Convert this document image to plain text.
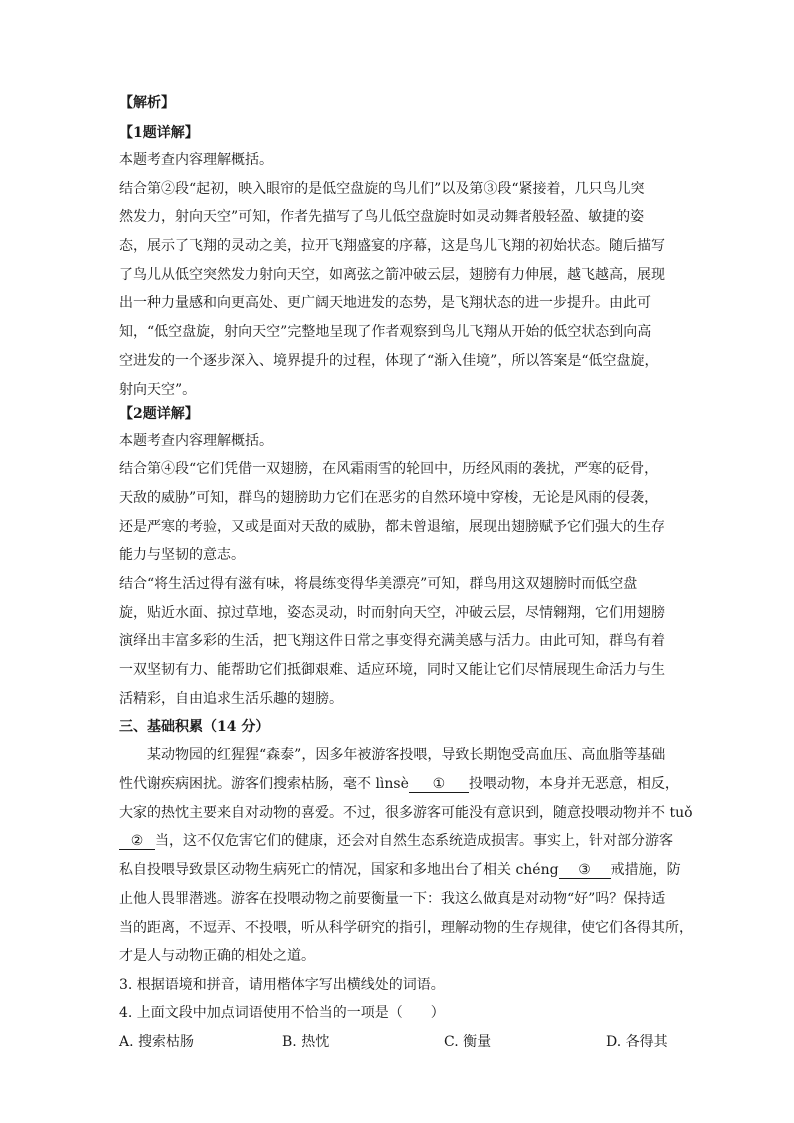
【解析】
【1题详解】
本题考查内容理解概括。
结合第②段“起初，映入眼帘的是低空盘旋的鸟儿们”以及第③段“紧接着，几只鸟儿突
然发力，射向天空”可知，作者先描写了鸟儿低空盘旋时如灵动舞者般轻盈、敏捷的姿
态，展示了飞翔的灵动之美，拉开飞翔盛宴的序幕，这是鸟儿飞翔的初始状态。随后描写
了鸟儿从低空突然发力射向天空，如离弦之箭冲破云层，翅膀有力伸展，越飞越高，展现
出一种力量感和向更高处、更广阔天地进发的态势，是飞翔状态的进一步提升。由此可
知，“低空盘旋，射向天空”完整地呈现了作者观察到鸟儿飞翔从开始的低空状态到向高
空进发的一个逐步深入、境界提升的过程，体现了“渐入佳境”，所以答案是“低空盘旋，
射向天空”。
【2题详解】
本题考查内容理解概括。
结合第④段“它们凭借一双翅膀，在风霜雨雪的轮回中，历经风雨的袭扰，严寒的砭骨，
天敌的威胁”可知，群鸟的翅膀助力它们在恶劣的自然环境中穿梭，无论是风雨的侵袭，
还是严寒的考验，又或是面对天敌的威胁，都未曾退缩，展现出翅膀赋予它们强大的生存
能力与坚韧的意志。
结合“将生活过得有滋有味，将晨练变得华美漂亮”可知，群鸟用这双翅膀时而低空盘
旋，贴近水面、掠过草地，姿态灵动，时而射向天空，冲破云层，尽情翱翔，它们用翅膀
演绎出丰富多彩的生活，把飞翔这件日常之事变得充满美感与活力。由此可知，群鸟有着
一双坚韧有力、能帮助它们抵御艰难、适应环境，同时又能让它们尽情展现生命活力与生
活精彩，自由追求生活乐趣的翅膀。
三、基础积累（14 分）
　　某动物园的红猩猩“森泰”，因多年被游客投喂，导致长期饱受高血压、高血脂等基础
性代谢疾病困扰。游客们搜索枯肠，毫不 lìnsè ① 投喂动物，本身并无恶意，相反，
大家的热忱主要来自对动物的喜爱。不过，很多游客可能没有意识到，随意投喂动物并不 tuǒ
② 当，这不仅危害它们的健康，还会对自然生态系统造成损害。事实上，针对部分游客
私自投喂导致景区动物生病死亡的情况，国家和多地出台了相关 chéng ③ 戒措施，防
止他人畏罪潜逃。游客在投喂动物之前要衡量一下：我这么做真是对动物“好”吗？保持适
当的距离，不逗弄、不投喂，听从科学研究的指引，理解动物的生存规律，使它们各得其所，
才是人与动物正确的相处之道。
3. 根据语境和拼音，请用楷体字写出横线处的词语。
4. 上面文段中加点词语使用不恰当的一项是（　　）
A. 搜索枯肠	B. 热忱	C. 衡量	D. 各得其
